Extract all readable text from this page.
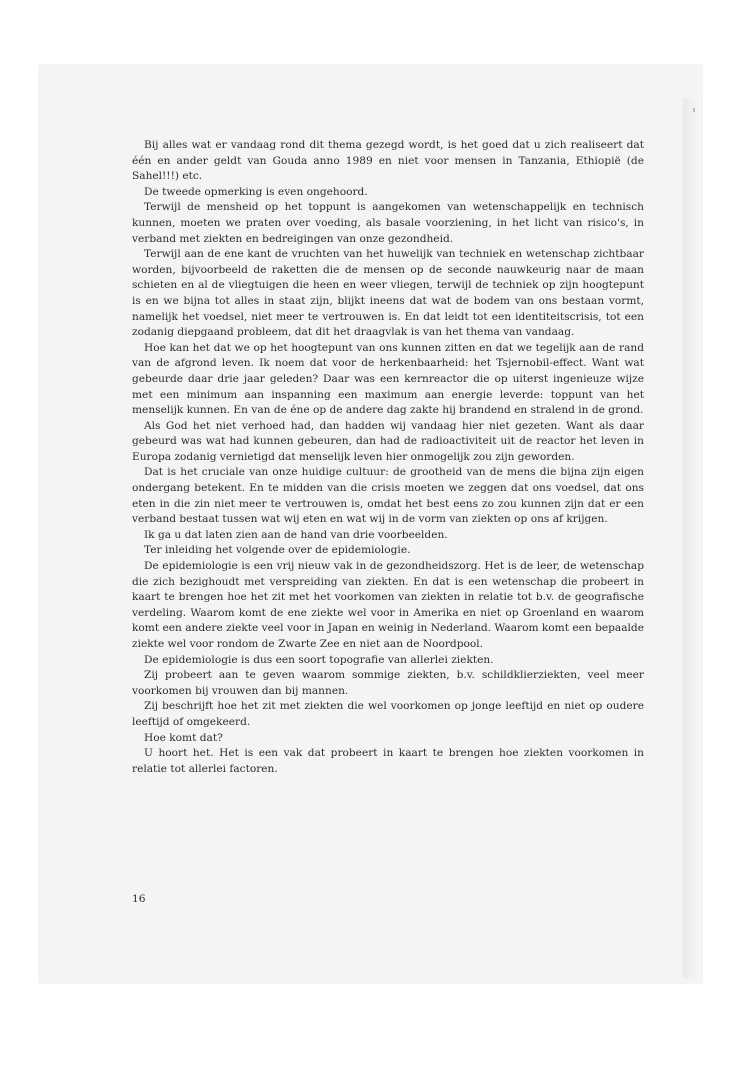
Bij alles wat er vandaag rond dit thema gezegd wordt, is het goed dat u zich realiseert dat één en ander geldt van Gouda anno 1989 en niet voor mensen in Tanzania, Ethiopië (de Sahel!!!) etc.

De tweede opmerking is even ongehoord.

Terwijl de mensheid op het toppunt is aangekomen van wetenschappelijk en technisch kunnen, moeten we praten over voeding, als basale voorziening, in het licht van risico's, in verband met ziekten en bedreigingen van onze gezondheid.

Terwijl aan de ene kant de vruchten van het huwelijk van techniek en wetenschap zichtbaar worden, bijvoorbeeld de raketten die de mensen op de seconde nauwkeurig naar de maan schieten en al de vliegtuigen die heen en weer vliegen, terwijl de techniek op zijn hoogtepunt is en we bijna tot alles in staat zijn, blijkt ineens dat wat de bodem van ons bestaan vormt, namelijk het voedsel, niet meer te vertrouwen is. En dat leidt tot een identiteitscrisis, tot een zodanig diepgaand probleem, dat dit het draagvlak is van het thema van vandaag.

Hoe kan het dat we op het hoogtepunt van ons kunnen zitten en dat we tegelijk aan de rand van de afgrond leven. Ik noem dat voor de herkenbaarheid: het Tsjernobil-effect. Want wat gebeurde daar drie jaar geleden? Daar was een kernreactor die op uiterst ingenieuze wijze met een minimum aan inspanning een maximum aan energie leverde: toppunt van het menselijk kunnen. En van de éne op de andere dag zakte hij brandend en stralend in de grond.

Als God het niet verhoed had, dan hadden wij vandaag hier niet gezeten. Want als daar gebeurd was wat had kunnen gebeuren, dan had de radioactiviteit uit de reactor het leven in Europa zodanig vernietigd dat menselijk leven hier onmogelijk zou zijn geworden.

Dat is het cruciale van onze huidige cultuur: de grootheid van de mens die bijna zijn eigen ondergang betekent. En te midden van die crisis moeten we zeggen dat ons voedsel, dat ons eten in die zin niet meer te vertrouwen is, omdat het best eens zo zou kunnen zijn dat er een verband bestaat tussen wat wij eten en wat wij in de vorm van ziekten op ons af krijgen.

Ik ga u dat laten zien aan de hand van drie voorbeelden.

Ter inleiding het volgende over de epidemiologie.

De epidemiologie is een vrij nieuw vak in de gezondheidszorg. Het is de leer, de wetenschap die zich bezighoudt met verspreiding van ziekten. En dat is een wetenschap die probeert in kaart te brengen hoe het zit met het voorkomen van ziekten in relatie tot b.v. de geografische verdeling. Waarom komt de ene ziekte wel voor in Amerika en niet op Groenland en waarom komt een andere ziekte veel voor in Japan en weinig in Nederland. Waarom komt een bepaalde ziekte wel voor rondom de Zwarte Zee en niet aan de Noordpool.

De epidemiologie is dus een soort topografie van allerlei ziekten.

Zij probeert aan te geven waarom sommige ziekten, b.v. schildklierziekten, veel meer voorkomen bij vrouwen dan bij mannen.

Zij beschrijft hoe het zit met ziekten die wel voorkomen op jonge leeftijd en niet op oudere leeftijd of omgekeerd.

Hoe komt dat?

U hoort het. Het is een vak dat probeert in kaart te brengen hoe ziekten voorkomen in relatie tot allerlei factoren.

16
